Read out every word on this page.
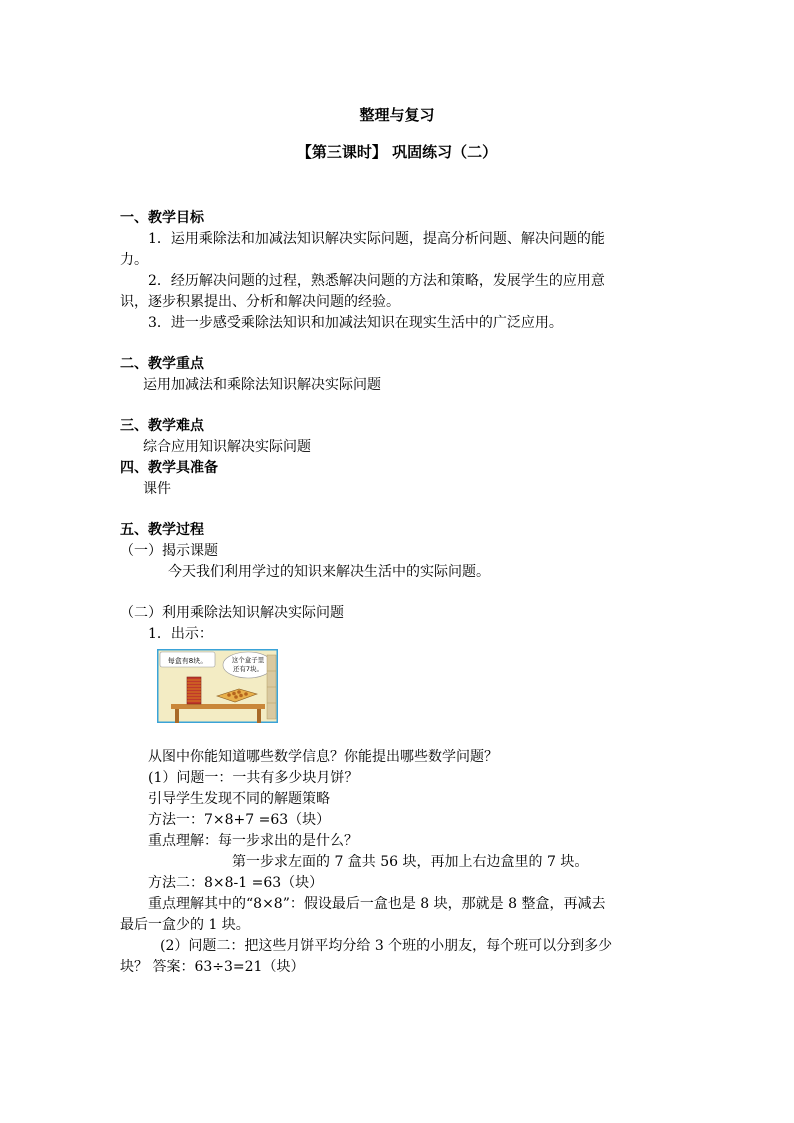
整理与复习
【第三课时】 巩固练习（二）
一、教学目标
1．运用乘除法和加减法知识解决实际问题，提高分析问题、解决问题的能
力。
2．经历解决问题的过程，熟悉解决问题的方法和策略，发展学生的应用意
识，逐步积累提出、分析和解决问题的经验。
3．进一步感受乘除法知识和加减法知识在现实生活中的广泛应用。
二、教学重点
运用加减法和乘除法知识解决实际问题
三、教学难点
综合应用知识解决实际问题
四、教学具准备
课件
五、教学过程
（一）揭示课题
今天我们利用学过的知识来解决生活中的实际问题。
（二）利用乘除法知识解决实际问题
1．出示：
每盒有8块。	这个盒子里
还有7块。
从图中你能知道哪些数学信息？你能提出哪些数学问题？
(1）问题一：一共有多少块月饼？
引导学生发现不同的解题策略
方法一：7×8+7 =63（块）
重点理解：每一步求出的是什么？
第一步求左面的 7 盒共 56 块，再加上右边盒里的 7 块。
方法二：8×8-1 =63（块）
重点理解其中的“8×8”：假设最后一盒也是 8 块，那就是 8 整盒，再减去
最后一盒少的 1 块。
(2）问题二：把这些月饼平均分给 3 个班的小朋友，每个班可以分到多少
块？ 答案：63÷3=21（块）
